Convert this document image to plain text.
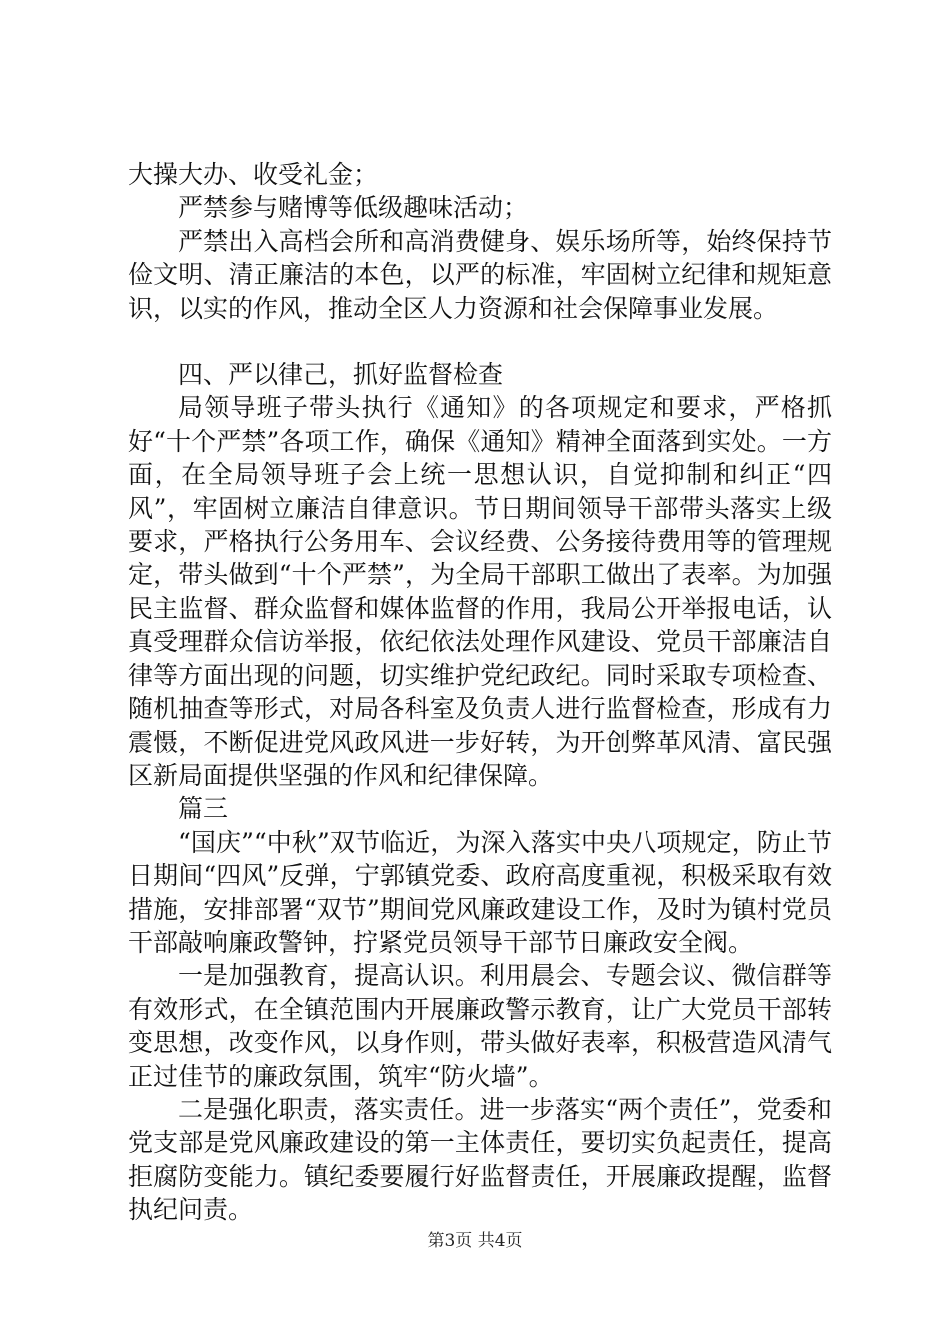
大操大办、收受礼金；

严禁参与赌博等低级趣味活动；

严禁出入高档会所和高消费健身、娱乐场所等，始终保持节俭文明、清正廉洁的本色，以严的标准，牢固树立纪律和规矩意识，以实的作风，推动全区人力资源和社会保障事业发展。

四、严以律己，抓好监督检查

局领导班子带头执行《通知》的各项规定和要求，严格抓好“十个严禁”各项工作，确保《通知》精神全面落到实处。一方面，在全局领导班子会上统一思想认识，自觉抑制和纠正“四风”，牢固树立廉洁自律意识。节日期间领导干部带头落实上级要求，严格执行公务用车、会议经费、公务接待费用等的管理规定，带头做到“十个严禁”，为全局干部职工做出了表率。为加强民主监督、群众监督和媒体监督的作用，我局公开举报电话，认真受理群众信访举报，依纪依法处理作风建设、党员干部廉洁自律等方面出现的问题，切实维护党纪政纪。同时采取专项检查、随机抽查等形式，对局各科室及负责人进行监督检查，形成有力震慑，不断促进党风政风进一步好转，为开创弊革风清、富民强区新局面提供坚强的作风和纪律保障。

篇三

“国庆”“中秋”双节临近，为深入落实中央八项规定，防止节日期间“四风”反弹，宁郭镇党委、政府高度重视，积极采取有效措施，安排部署“双节”期间党风廉政建设工作，及时为镇村党员干部敲响廉政警钟，拧紧党员领导干部节日廉政安全阀。

一是加强教育，提高认识。利用晨会、专题会议、微信群等有效形式，在全镇范围内开展廉政警示教育，让广大党员干部转变思想，改变作风，以身作则，带头做好表率，积极营造风清气正过佳节的廉政氛围，筑牢“防火墙”。

二是强化职责，落实责任。进一步落实“两个责任”，党委和党支部是党风廉政建设的第一主体责任，要切实负起责任，提高拒腐防变能力。镇纪委要履行好监督责任，开展廉政提醒，监督执纪问责。

第3页 共4页
